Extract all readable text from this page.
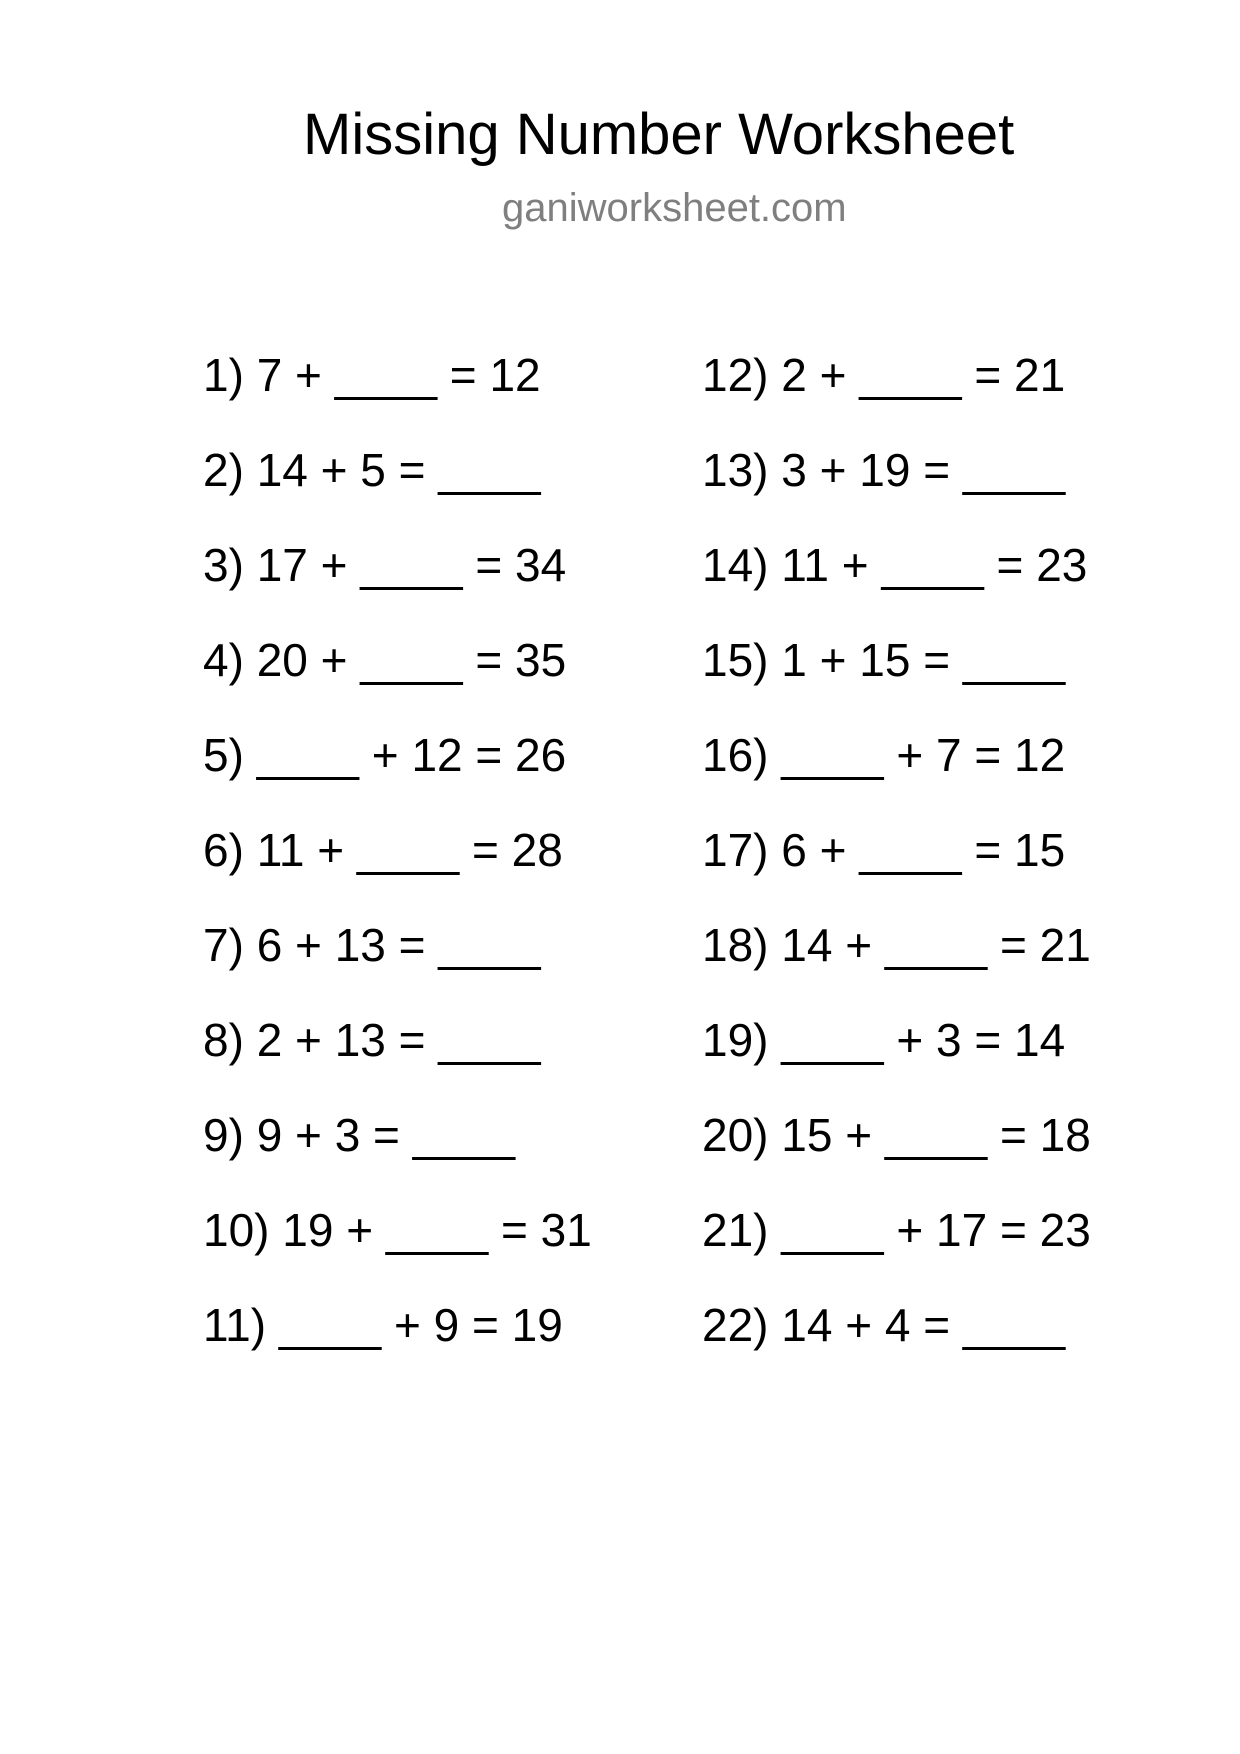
Missing Number Worksheet
ganiworksheet.com
1) 7 + ____ = 12
2) 14 + 5 = ____
3) 17 + ____ = 34
4) 20 + ____ = 35
5) ____ + 12 = 26
6) 11 + ____ = 28
7) 6 + 13 = ____
8) 2 + 13 = ____
9) 9 + 3 = ____
10) 19 + ____ = 31
11) ____ + 9 = 19
12) 2 + ____ = 21
13) 3 + 19 = ____
14) 11 + ____ = 23
15) 1 + 15 = ____
16) ____ + 7 = 12
17) 6 + ____ = 15
18) 14 + ____ = 21
19) ____ + 3 = 14
20) 15 + ____ = 18
21) ____ + 17 = 23
22) 14 + 4 = ____
